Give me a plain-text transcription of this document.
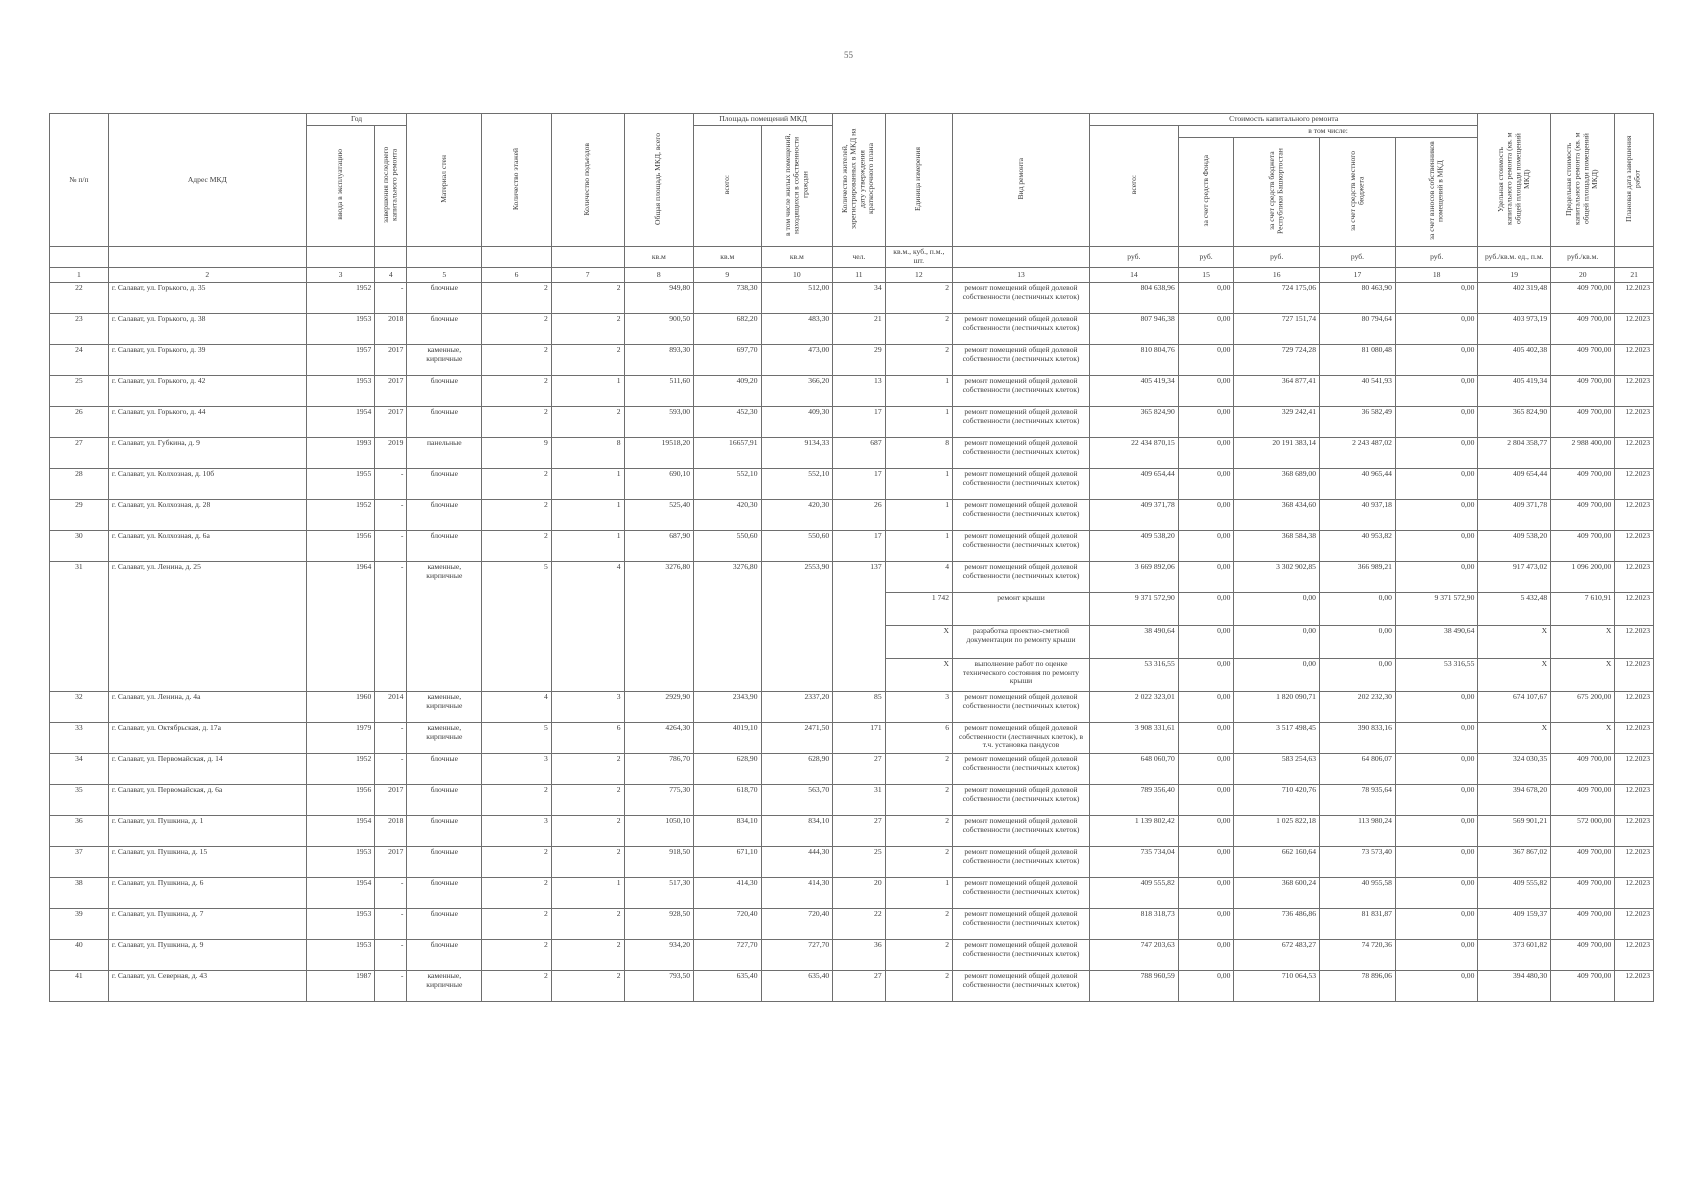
55
№ п/п	Адрес МКД	Год		Материал стен	Количество этажей	Количество подъездов	Общая площадь МКД, всего	Площадь помещений МКД		Количество жителей, зарегистрированных в МКД на дату утверждения краткосрочного плана	Единица измерения	Вид ремонта	Стоимость капитального ремонта					Удельная стоимость капитального ремонта (кв. м общей площади помещений МКД)	Предельная стоимость капитального ремонта (кв. м общей площади помещений МКД)	Плановая дата завершения работ
		ввода в эксплуатацию	завершения последнего капитального ремонта					всего:	в том числе жилых помещений, находящихся в собственности граждан				всего:	в том числе:						
														за счет средств Фонда	за счет средств бюджета Республики Башкортостан	за счет средств местного бюджета	за счет взносов собственников помещений в МКД			
							кв.м	кв.м	кв.м	чел.	кв.м., куб., п.м., шт.		руб.	руб.	руб.	руб.	руб.	руб./кв.м. ед., п.м.	руб./кв.м.	
1	2	3	4	5	6	7	8	9	10	11	12	13	14	15	16	17	18	19	20	21
22	г. Салават, ул. Горького, д. 35	1952	-	блочные	2	2	949,80	738,30	512,00	34	2	ремонт помещений общей долевой собственности (лестничных клеток)	804 638,96	0,00	724 175,06	80 463,90	0,00	402 319,48	409 700,00	12.2023
23	г. Салават, ул. Горького, д. 38	1953	2018	блочные	2	2	900,50	682,20	483,30	21	2	ремонт помещений общей долевой собственности (лестничных клеток)	807 946,38	0,00	727 151,74	80 794,64	0,00	403 973,19	409 700,00	12.2023
24	г. Салават, ул. Горького, д. 39	1957	2017	каменные, кирпичные	2	2	893,30	697,70	473,00	29	2	ремонт помещений общей долевой собственности (лестничных клеток)	810 804,76	0,00	729 724,28	81 080,48	0,00	405 402,38	409 700,00	12.2023
25	г. Салават, ул. Горького, д. 42	1953	2017	блочные	2	1	511,60	409,20	366,20	13	1	ремонт помещений общей долевой собственности (лестничных клеток)	405 419,34	0,00	364 877,41	40 541,93	0,00	405 419,34	409 700,00	12.2023
26	г. Салават, ул. Горького, д. 44	1954	2017	блочные	2	2	593,00	452,30	409,30	17	1	ремонт помещений общей долевой собственности (лестничных клеток)	365 824,90	0,00	329 242,41	36 582,49	0,00	365 824,90	409 700,00	12.2023
27	г. Салават, ул. Губкина, д. 9	1993	2019	панельные	9	8	19518,20	16657,91	9134,33	687	8	ремонт помещений общей долевой собственности (лестничных клеток)	22 434 870,15	0,00	20 191 383,14	2 243 487,02	0,00	2 804 358,77	2 988 400,00	12.2023
28	г. Салават, ул. Колхозная, д. 10б	1955	-	блочные	2	1	690,10	552,10	552,10	17	1	ремонт помещений общей долевой собственности (лестничных клеток)	409 654,44	0,00	368 689,00	40 965,44	0,00	409 654,44	409 700,00	12.2023
29	г. Салават, ул. Колхозная, д. 28	1952	-	блочные	2	1	525,40	420,30	420,30	26	1	ремонт помещений общей долевой собственности (лестничных клеток)	409 371,78	0,00	368 434,60	40 937,18	0,00	409 371,78	409 700,00	12.2023
30	г. Салават, ул. Колхозная, д. 6а	1956	-	блочные	2	1	687,90	550,60	550,60	17	1	ремонт помещений общей долевой собственности (лестничных клеток)	409 538,20	0,00	368 584,38	40 953,82	0,00	409 538,20	409 700,00	12.2023
31	г. Салават, ул. Ленина, д. 25	1964	-	каменные, кирпичные	5	4	3276,80	3276,80	2553,90	137	4	ремонт помещений общей долевой собственности (лестничных клеток)	3 669 892,06	0,00	3 302 902,85	366 989,21	0,00	917 473,02	1 096 200,00	12.2023
											1 742	ремонт крыши	9 371 572,90	0,00	0,00	0,00	9 371 572,90	5 432,48	7 610,91	12.2023
											X	разработка проектно-сметной документации по ремонту крыши	38 490,64	0,00	0,00	0,00	38 490,64	X	X	12.2023
											X	выполнение работ по оценке технического состояния по ремонту крыши	53 316,55	0,00	0,00	0,00	53 316,55	X	X	12.2023
32	г. Салават, ул. Ленина, д. 4а	1960	2014	каменные, кирпичные	4	3	2929,90	2343,90	2337,20	85	3	ремонт помещений общей долевой собственности (лестничных клеток)	2 022 323,01	0,00	1 820 090,71	202 232,30	0,00	674 107,67	675 200,00	12.2023
33	г. Салават, ул. Октябрьская, д. 17а	1979	-	каменные, кирпичные	5	6	4264,30	4019,10	2471,50	171	6	ремонт помещений общей долевой собственности (лестничных клеток), в т.ч. установка пандусов	3 908 331,61	0,00	3 517 498,45	390 833,16	0,00	X	X	12.2023
34	г. Салават, ул. Первомайская, д. 14	1952	-	блочные	3	2	786,70	628,90	628,90	27	2	ремонт помещений общей долевой собственности (лестничных клеток)	648 060,70	0,00	583 254,63	64 806,07	0,00	324 030,35	409 700,00	12.2023
35	г. Салават, ул. Первомайская, д. 6а	1956	2017	блочные	2	2	775,30	618,70	563,70	31	2	ремонт помещений общей долевой собственности (лестничных клеток)	789 356,40	0,00	710 420,76	78 935,64	0,00	394 678,20	409 700,00	12.2023
36	г. Салават, ул. Пушкина, д. 1	1954	2018	блочные	3	2	1050,10	834,10	834,10	27	2	ремонт помещений общей долевой собственности (лестничных клеток)	1 139 802,42	0,00	1 025 822,18	113 980,24	0,00	569 901,21	572 000,00	12.2023
37	г. Салават, ул. Пушкина, д. 15	1953	2017	блочные	2	2	918,50	671,10	444,30	25	2	ремонт помещений общей долевой собственности (лестничных клеток)	735 734,04	0,00	662 160,64	73 573,40	0,00	367 867,02	409 700,00	12.2023
38	г. Салават, ул. Пушкина, д. 6	1954	-	блочные	2	1	517,30	414,30	414,30	20	1	ремонт помещений общей долевой собственности (лестничных клеток)	409 555,82	0,00	368 600,24	40 955,58	0,00	409 555,82	409 700,00	12.2023
39	г. Салават, ул. Пушкина, д. 7	1953	-	блочные	2	2	928,50	720,40	720,40	22	2	ремонт помещений общей долевой собственности (лестничных клеток)	818 318,73	0,00	736 486,86	81 831,87	0,00	409 159,37	409 700,00	12.2023
40	г. Салават, ул. Пушкина, д. 9	1953	-	блочные	2	2	934,20	727,70	727,70	36	2	ремонт помещений общей долевой собственности (лестничных клеток)	747 203,63	0,00	672 483,27	74 720,36	0,00	373 601,82	409 700,00	12.2023
41	г. Салават, ул. Северная, д. 43	1987	-	каменные, кирпичные	2	2	793,50	635,40	635,40	27	2	ремонт помещений общей долевой собственности (лестничных клеток)	788 960,59	0,00	710 064,53	78 896,06	0,00	394 480,30	409 700,00	12.2023
